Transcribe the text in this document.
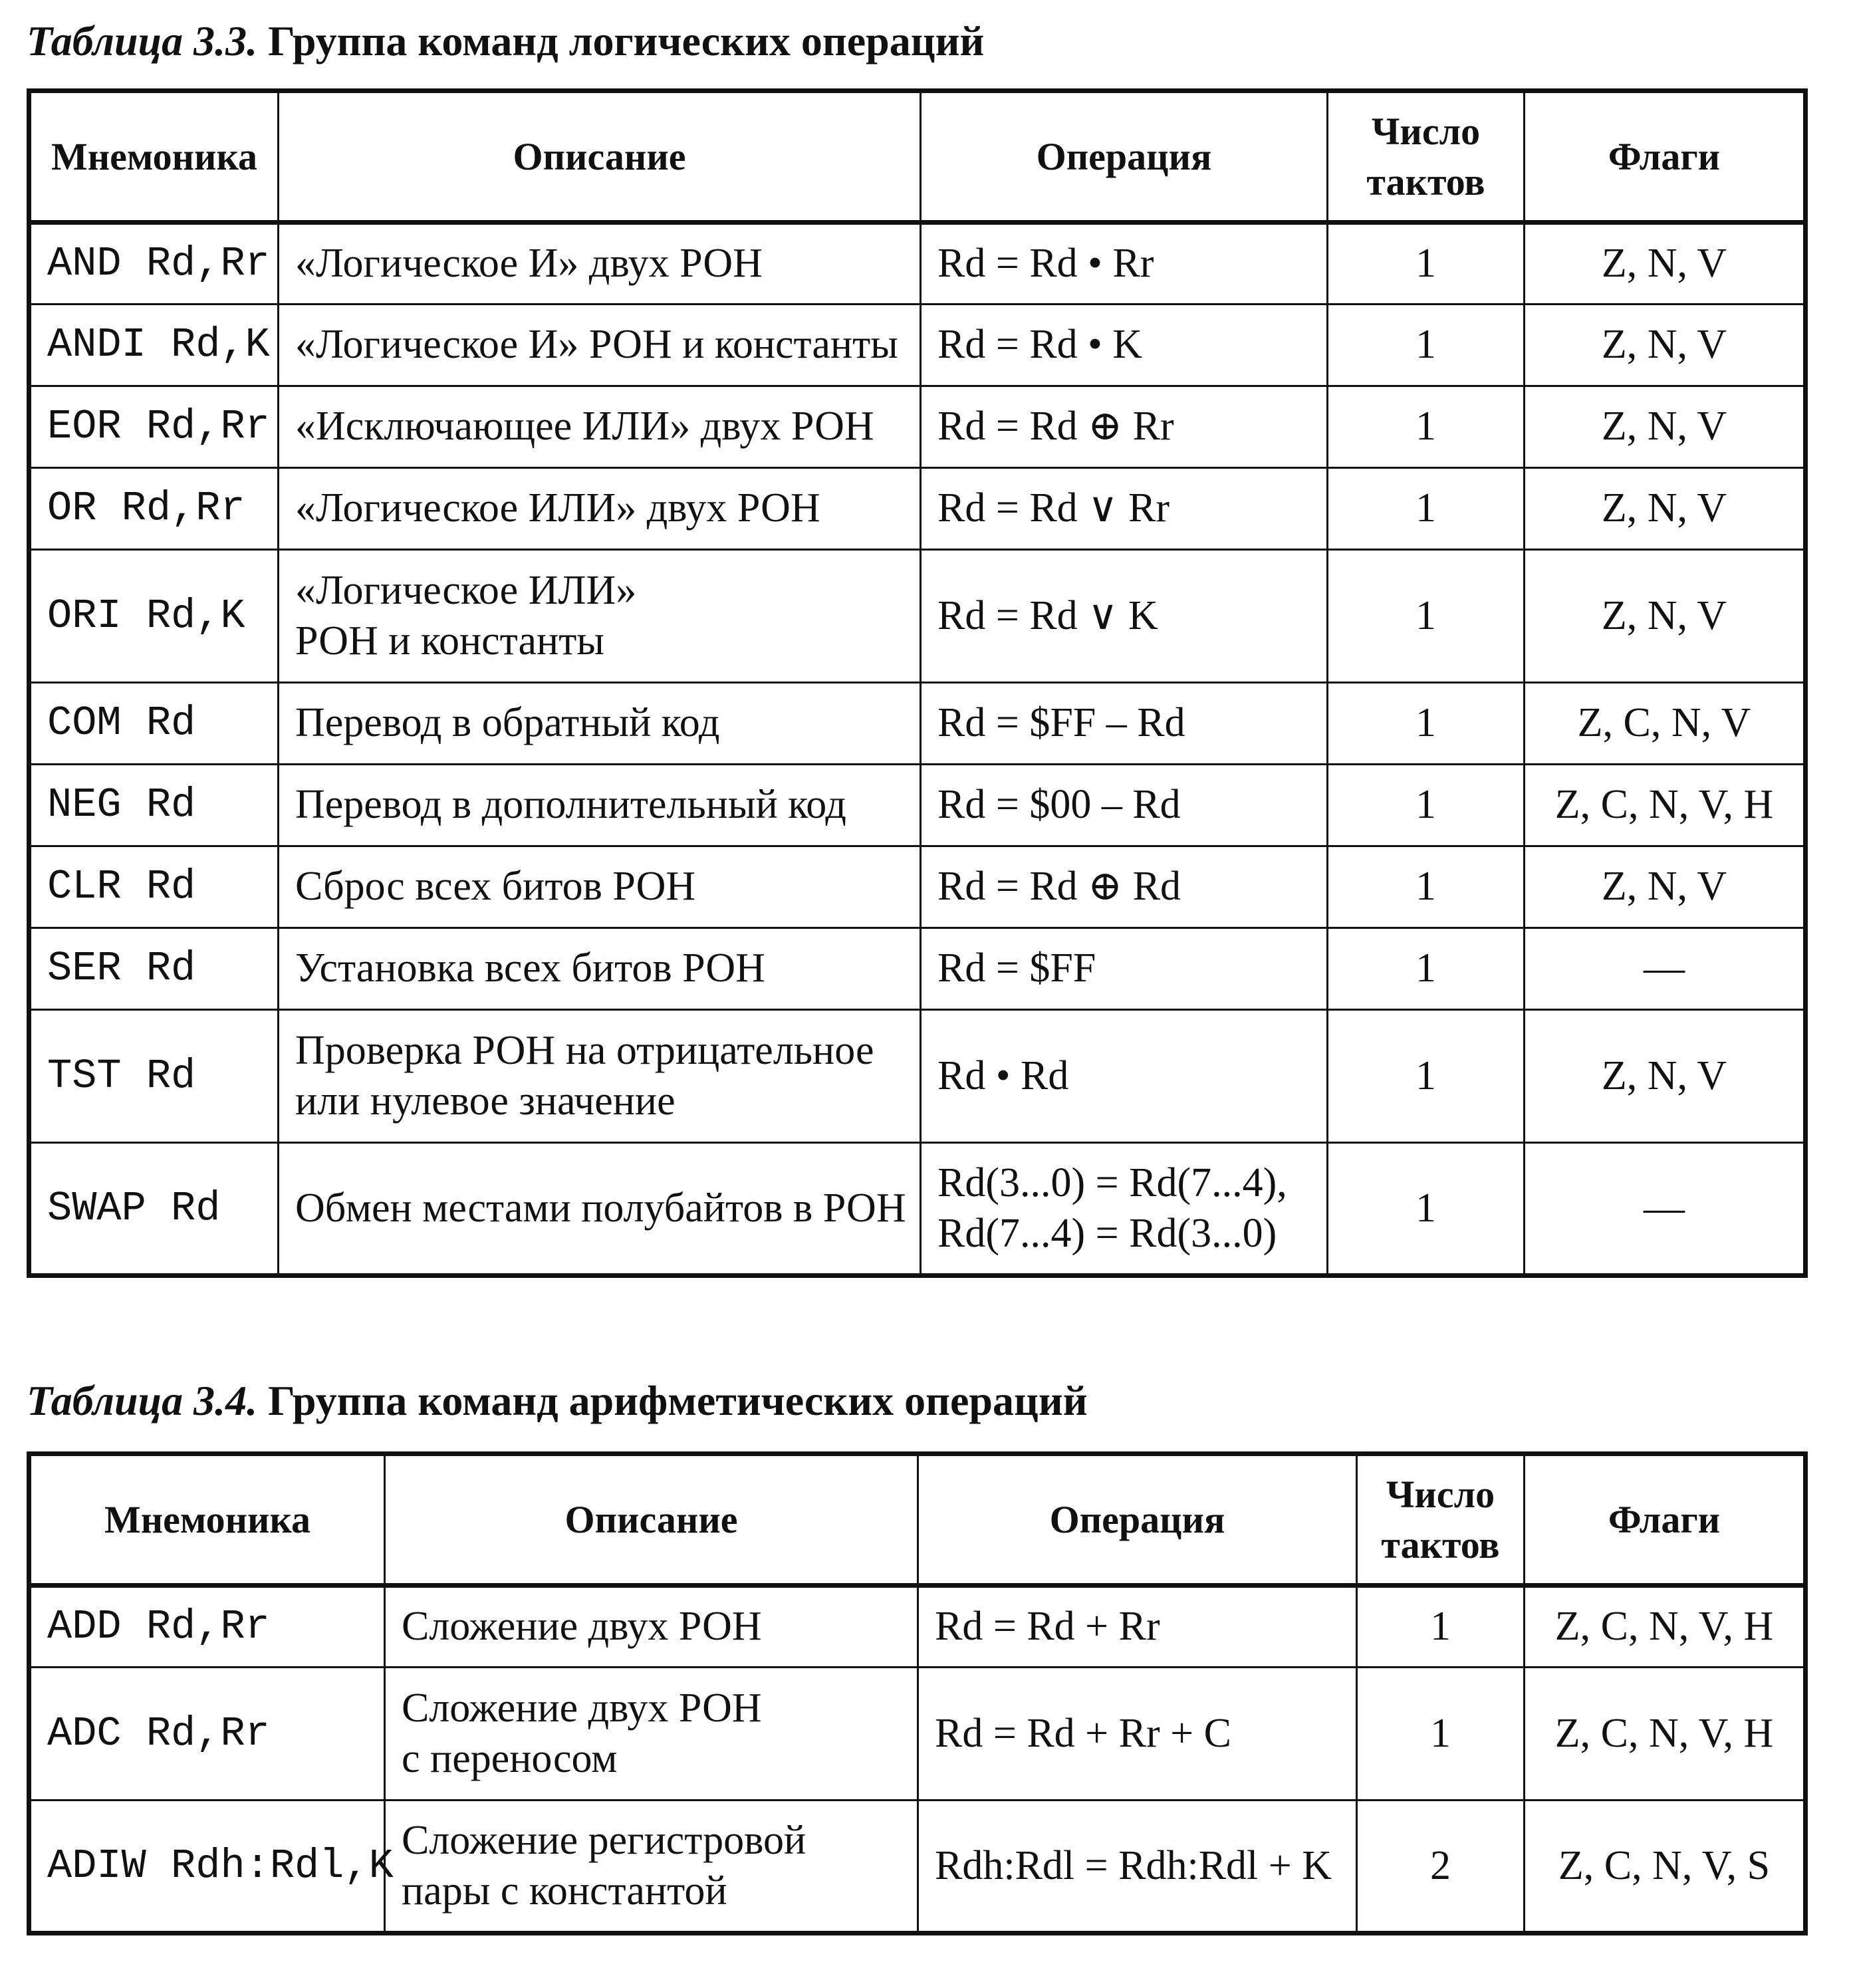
Таблица 3.3. Группа команд логических операций
Мнемоника	Описание	Операция	Число тактов	Флаги
AND Rd,Rr	«Логическое И» двух РОН	Rd = Rd • Rr	1	Z, N, V
ANDI Rd,K	«Логическое И» РОН и константы	Rd = Rd • K	1	Z, N, V
EOR Rd,Rr	«Исключающее ИЛИ» двух РОН	Rd = Rd ⊕ Rr	1	Z, N, V
OR Rd,Rr	«Логическое ИЛИ» двух РОН	Rd = Rd ∨ Rr	1	Z, N, V
ORI Rd,K	«Логическое ИЛИ»
РОН и константы	Rd = Rd ∨ K	1	Z, N, V
COM Rd	Перевод в обратный код	Rd = $FF – Rd	1	Z, C, N, V
NEG Rd	Перевод в дополнительный код	Rd = $00 – Rd	1	Z, C, N, V, H
CLR Rd	Сброс всех битов РОН	Rd = Rd ⊕ Rd	1	Z, N, V
SER Rd	Установка всех битов РОН	Rd = $FF	1	—
TST Rd	Проверка РОН на отрицательное
или нулевое значение	Rd • Rd	1	Z, N, V
SWAP Rd	Обмен местами полубайтов в РОН	Rd(3...0) = Rd(7...4),
Rd(7...4) = Rd(3...0)	1	—
Таблица 3.4. Группа команд арифметических операций
Мнемоника	Описание	Операция	Число тактов	Флаги
ADD Rd,Rr	Сложение двух РОН	Rd = Rd + Rr	1	Z, C, N, V, H
ADC Rd,Rr	Сложение двух РОН
с переносом	Rd = Rd + Rr + C	1	Z, C, N, V, H
ADIW Rdh:Rdl,K	Сложение регистровой
пары с константой	Rdh:Rdl = Rdh:Rdl + K	2	Z, C, N, V, S
